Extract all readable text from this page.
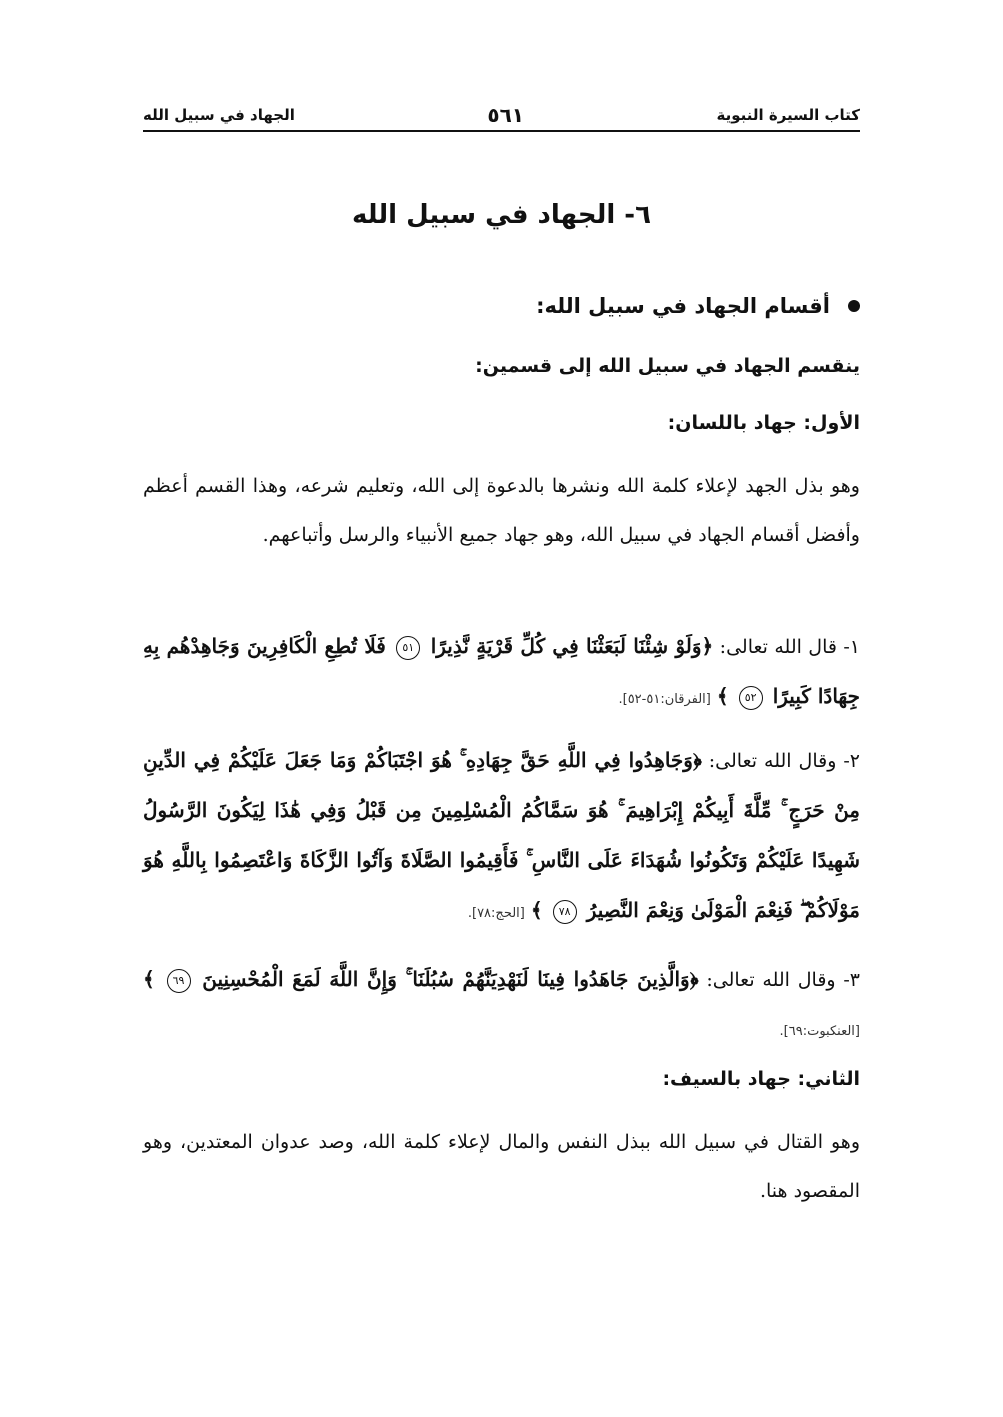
كتاب السيرة النبوية
٥٦١
الجهاد في سبيل الله
٦- الجهاد في سبيل الله
أقسام الجهاد في سبيل الله:
ينقسم الجهاد في سبيل الله إلى قسمين:
الأول: جهاد باللسان:
وهو بذل الجهد لإعلاء كلمة الله ونشرها بالدعوة إلى الله، وتعليم شرعه، وهذا القسم أعظم وأفضل أقسام الجهاد في سبيل الله، وهو جهاد جميع الأنبياء والرسل وأتباعهم.
١- قال الله تعالى: ﴿وَلَوْ شِئْنَا لَبَعَثْنَا فِي كُلِّ قَرْيَةٍ نَّذِيرًا ٥١ فَلَا تُطِعِ الْكَافِرِينَ وَجَاهِدْهُم بِهِ جِهَادًا كَبِيرًا ٥٢ ﴾ [الفرقان:٥١-٥٢].
٢- وقال الله تعالى: ﴿وَجَاهِدُوا فِي اللَّهِ حَقَّ جِهَادِهِ ۚ هُوَ اجْتَبَاكُمْ وَمَا جَعَلَ عَلَيْكُمْ فِي الدِّينِ مِنْ حَرَجٍ ۚ مِّلَّةَ أَبِيكُمْ إِبْرَاهِيمَ ۚ هُوَ سَمَّاكُمُ الْمُسْلِمِينَ مِن قَبْلُ وَفِي هَٰذَا لِيَكُونَ الرَّسُولُ شَهِيدًا عَلَيْكُمْ وَتَكُونُوا شُهَدَاءَ عَلَى النَّاسِ ۚ فَأَقِيمُوا الصَّلَاةَ وَآتُوا الزَّكَاةَ وَاعْتَصِمُوا بِاللَّهِ هُوَ مَوْلَاكُمْ ۖ فَنِعْمَ الْمَوْلَىٰ وَنِعْمَ النَّصِيرُ ٧٨ ﴾ [الحج:٧٨].
٣- وقال الله تعالى: ﴿وَالَّذِينَ جَاهَدُوا فِينَا لَنَهْدِيَنَّهُمْ سُبُلَنَا ۚ وَإِنَّ اللَّهَ لَمَعَ الْمُحْسِنِينَ ٦٩ ﴾ [العنكبوت:٦٩].
الثاني: جهاد بالسيف:
وهو القتال في سبيل الله ببذل النفس والمال لإعلاء كلمة الله، وصد عدوان المعتدين، وهو المقصود هنا.
